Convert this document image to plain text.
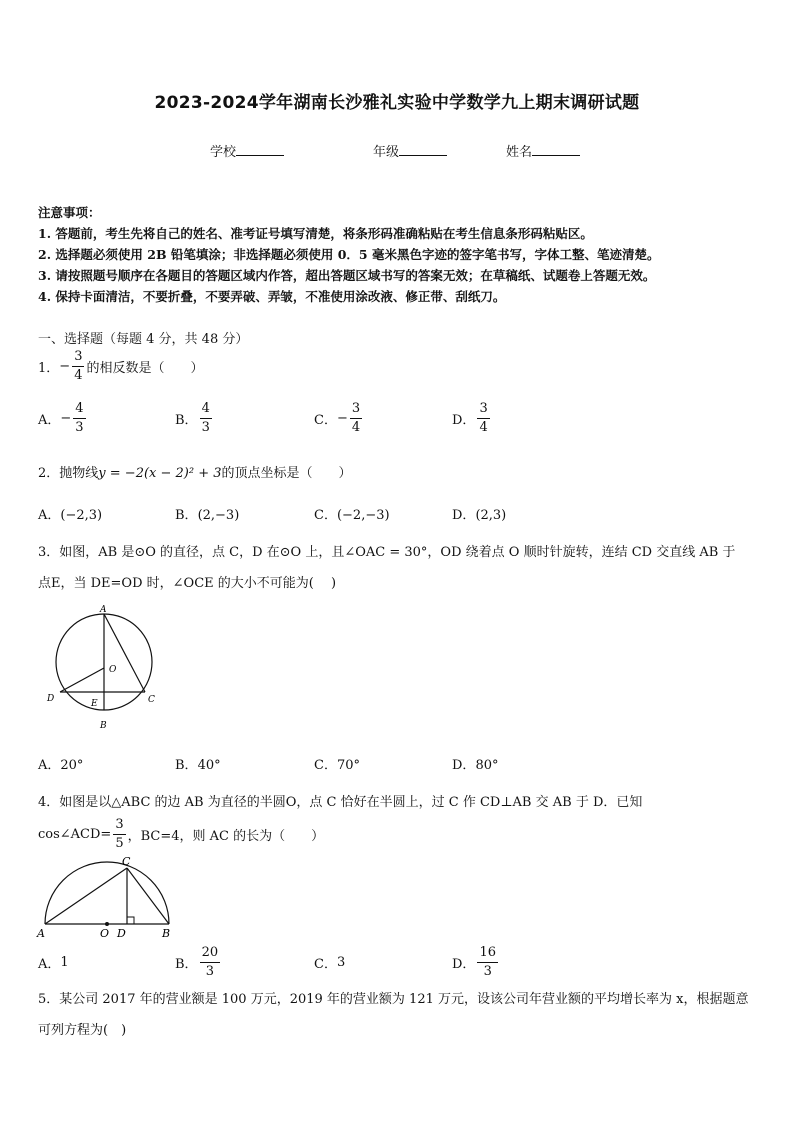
2023-2024学年湖南长沙雅礼实验中学数学九上期末调研试题
学校	年级	姓名
注意事项：
1. 答题前，考生先将自己的姓名、准考证号填写清楚，将条形码准确粘贴在考生信息条形码粘贴区。
2. 选择题必须使用 2B 铅笔填涂；非选择题必须使用 0．5 毫米黑色字迹的签字笔书写，字体工整、笔迹清楚。
3. 请按照题号顺序在各题目的答题区域内作答，超出答题区域书写的答案无效；在草稿纸、试题卷上答题无效。
4. 保持卡面清洁，不要折叠，不要弄破、弄皱，不准使用涂改液、修正带、刮纸刀。
一、选择题（每题 4 分，共 48 分）
1． − $\frac{3}{4}$ 的相反数是（　　）
A． − $\frac{4}{3}$	B． $\frac{4}{3}$	C． − $\frac{3}{4}$	D． $\frac{3}{4}$
2．抛物线y = −2(x − 2)² + 3的顶点坐标是（　　）
A．(−2,3)	B．(2,−3)	C．(−2,−3)	D．(2,3)
3．如图，AB 是⊙O 的直径，点 C，D 在⊙O 上，且∠OAC = 30°，OD 绕着点 O 顺时针旋转，连结 CD 交直线 AB 于
点E，当 DE=OD 时，∠OCE 的大小不可能为(　 )
A
O
D	E	C
B
A．20°	B．40°	C．70°	D．80°
4．如图是以△ABC 的边 AB 为直径的半圆O，点 C 恰好在半圆上，过 C 作 CD⊥AB 交 AB 于 D．已知
cos∠ACD= $\frac{3}{5}$ ，BC=4，则 AC 的长为（　　）
A	O D	B
C
A． 1	B． $\frac{20}{3}$	C． 3	D． $\frac{16}{3}$
5．某公司 2017 年的营业额是 100 万元，2019 年的营业额为 121 万元，设该公司年营业额的平均增长率为 x，根据题意
可列方程为(　)
